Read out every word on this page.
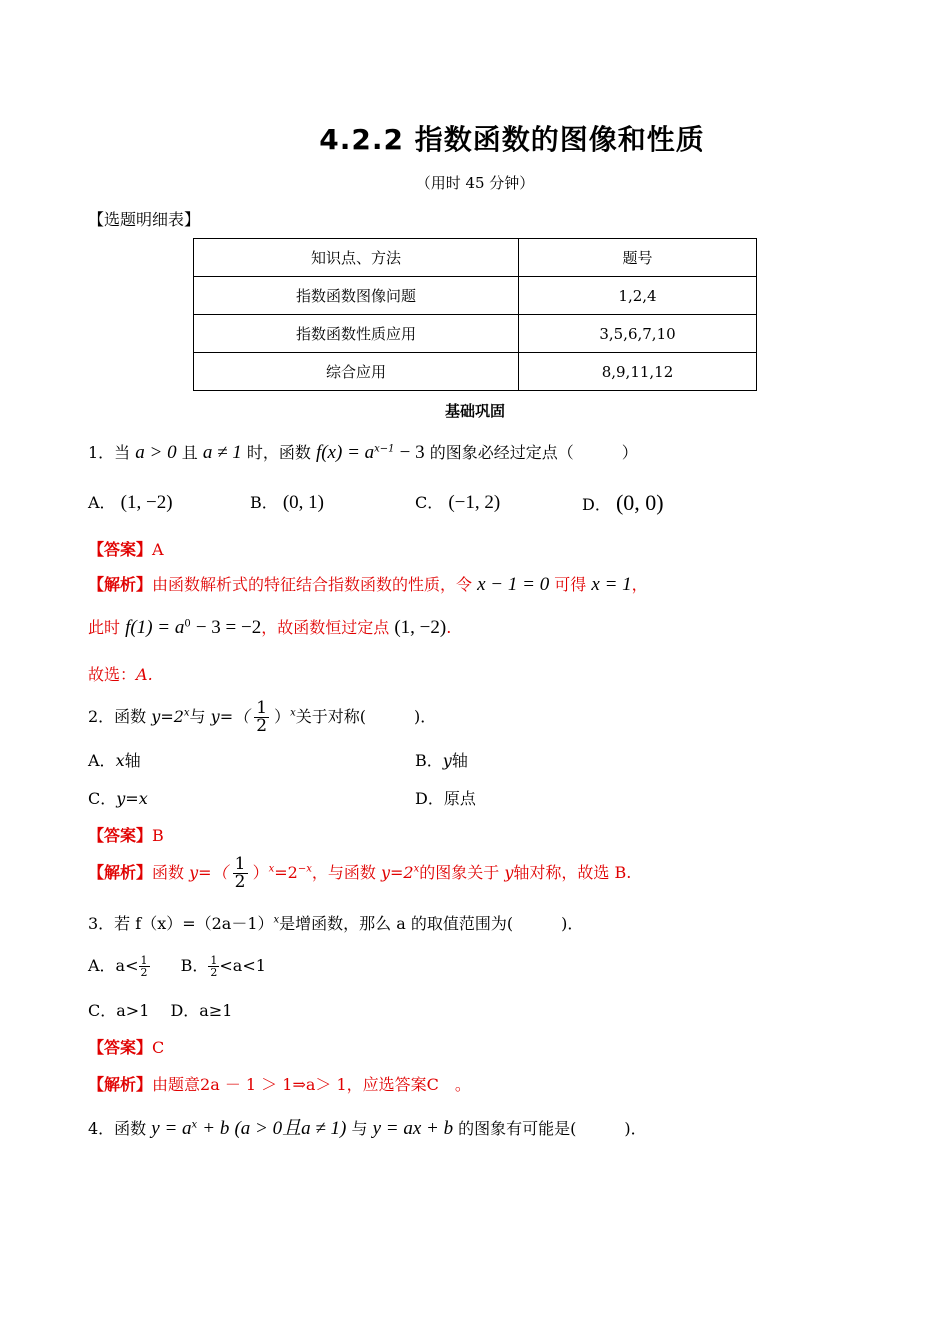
4.2.2 指数函数的图像和性质
（用时 45 分钟）
【选题明细表】
知识点、方法	题号
指数函数图像问题	1,2,4
指数函数性质应用	3,5,6,7,10
综合应用	8,9,11,12
基础巩固
1．当 a > 0 且 a ≠ 1 时，函数 $f(x) = a^{x-1} - 3$ 的图象必经过定点（　　　）
A． (1, −2)	B． (0, 1)	C． (−1, 2)	D． (0, 0)
【答案】A
【解析】由函数解析式的特征结合指数函数的性质，令 x − 1 = 0 可得 x = 1，
此时 $f(1) = a^0 - 3 = -2$，故函数恒过定点 (1, −2).
故选：A.
2．函数 $y=2^x$与 $y=( \frac{1}{2} )^x$关于对称(　　　)．
A．x轴	B．y轴
C．y=x	D．原点
【答案】B
【解析】函数 $y=( \frac{1}{2} )^x=2^{-x}$，与函数 $y=2^x$的图象关于 y轴对称，故选 B.
3．若 $f(x)=(2a-1)^x$是增函数，那么 a 的取值范围为(　　　)．
A．$a< \frac{1}{2}$ B． $\frac{1}{2} <a<1$
C．a>1 D．a≥1
【答案】C
【解析】由题意2a － 1 ＞ 1⇒a＞ 1，应选答案C　。
4．函数 $y = a^x + b$ (a > 0且a ≠ 1) 与 y = ax + b 的图象有可能是(　　　)．
